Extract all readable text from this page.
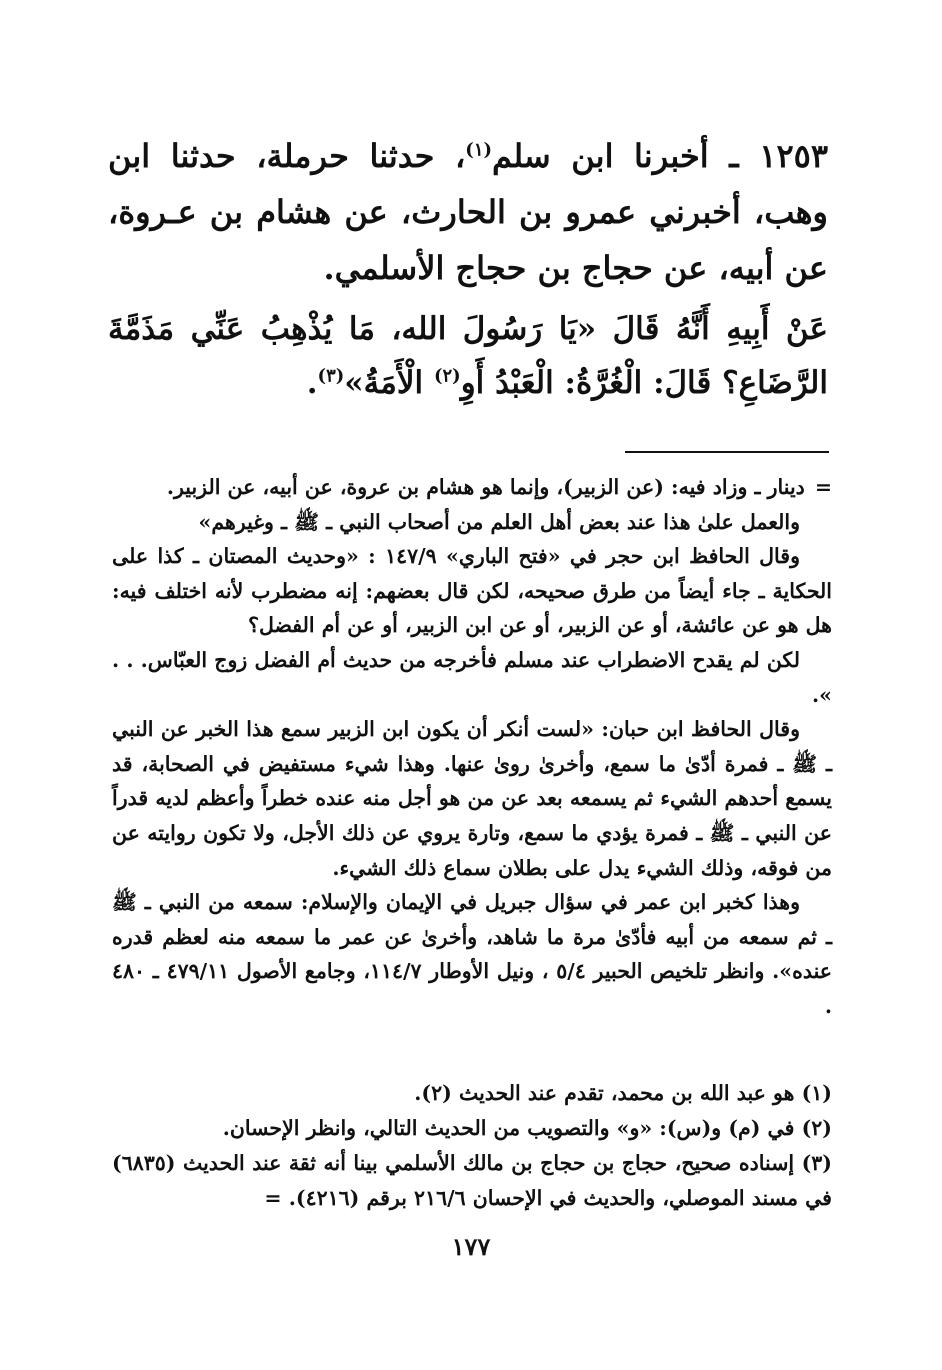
١٢٥٣ ـ أخبرنا ابن سلم$^{(١)}$، حدثنا حرملة، حدثنا ابن وهب، أخبرني عمرو بن الحارث، عن هشام بن عـروة، عن أبيه، عن حجاج بن حجاج الأسلمي.

عَنْ أَبِيهِ أَنَّهُ قَالَ «يَا رَسُولَ الله، مَا يُذْهِبُ عَنِّي مَذَمَّةَ الرَّضَاعِ؟ قَالَ: الْغُرَّةُ: الْعَبْدُ أَوِ$^{(٢)}$ الْأَمَةُ»$^{(٣)}$.

=دينار ـ وزاد فيه: (عن الزبير)، وإنما هو هشام بن عروة، عن أبيه، عن الزبير.

والعمل علىٰ هذا عند بعض أهل العلم من أصحاب النبي ـ ﷺ ـ وغيرهم»

وقال الحافظ ابن حجر في «فتح الباري» ١٤٧/٩ : «وحديث المصتان ـ كذا على الحكاية ـ جاء أيضاً من طرق صحيحه، لكن قال بعضهم: إنه مضطرب لأنه اختلف فيه: هل هو عن عائشة، أو عن الزبير، أو عن ابن الزبير، أو عن أم الفضل؟

لكن لم يقدح الاضطراب عند مسلم فأخرجه من حديث أم الفضل زوج العبّاس. . . ».

وقال الحافظ ابن حبان: «لست أنكر أن يكون ابن الزبير سمع هذا الخبر عن النبي ـ ﷺ ـ فمرة أدّىٰ ما سمع، وأخرىٰ روىٰ عنها. وهذا شيء مستفيض في الصحابة، قد يسمع أحدهم الشيء ثم يسمعه بعد عن من هو أجل منه عنده خطراً وأعظم لديه قدراً عن النبي ـ ﷺ ـ فمرة يؤدي ما سمع، وتارة يروي عن ذلك الأجل، ولا تكون روايته عن من فوقه، وذلك الشيء يدل على بطلان سماع ذلك الشيء.

وهذا كخبر ابن عمر في سؤال جبريل في الإيمان والإسلام: سمعه من النبي ـ ﷺ ـ ثم سمعه من أبيه فأدّىٰ مرة ما شاهد، وأخرىٰ عن عمر ما سمعه منه لعظم قدره عنده». وانظر تلخيص الحبير ٥/٤ ، ونيل الأوطار ١١٤/٧، وجامع الأصول ٤٧٩/١١ ـ ٤٨٠ .

(١) هو عبد الله بن محمد، تقدم عند الحديث (٢).

(٢) في (م) و(س): «و» والتصويب من الحديث التالي، وانظر الإحسان.

(٣) إسناده صحيح، حجاج بن حجاج بن مالك الأسلمي بينا أنه ثقة عند الحديث (٦٨٣٥) في مسند الموصلي، والحديث في الإحسان ٢١٦/٦ برقم (٤٢١٦). =

١٧٧
